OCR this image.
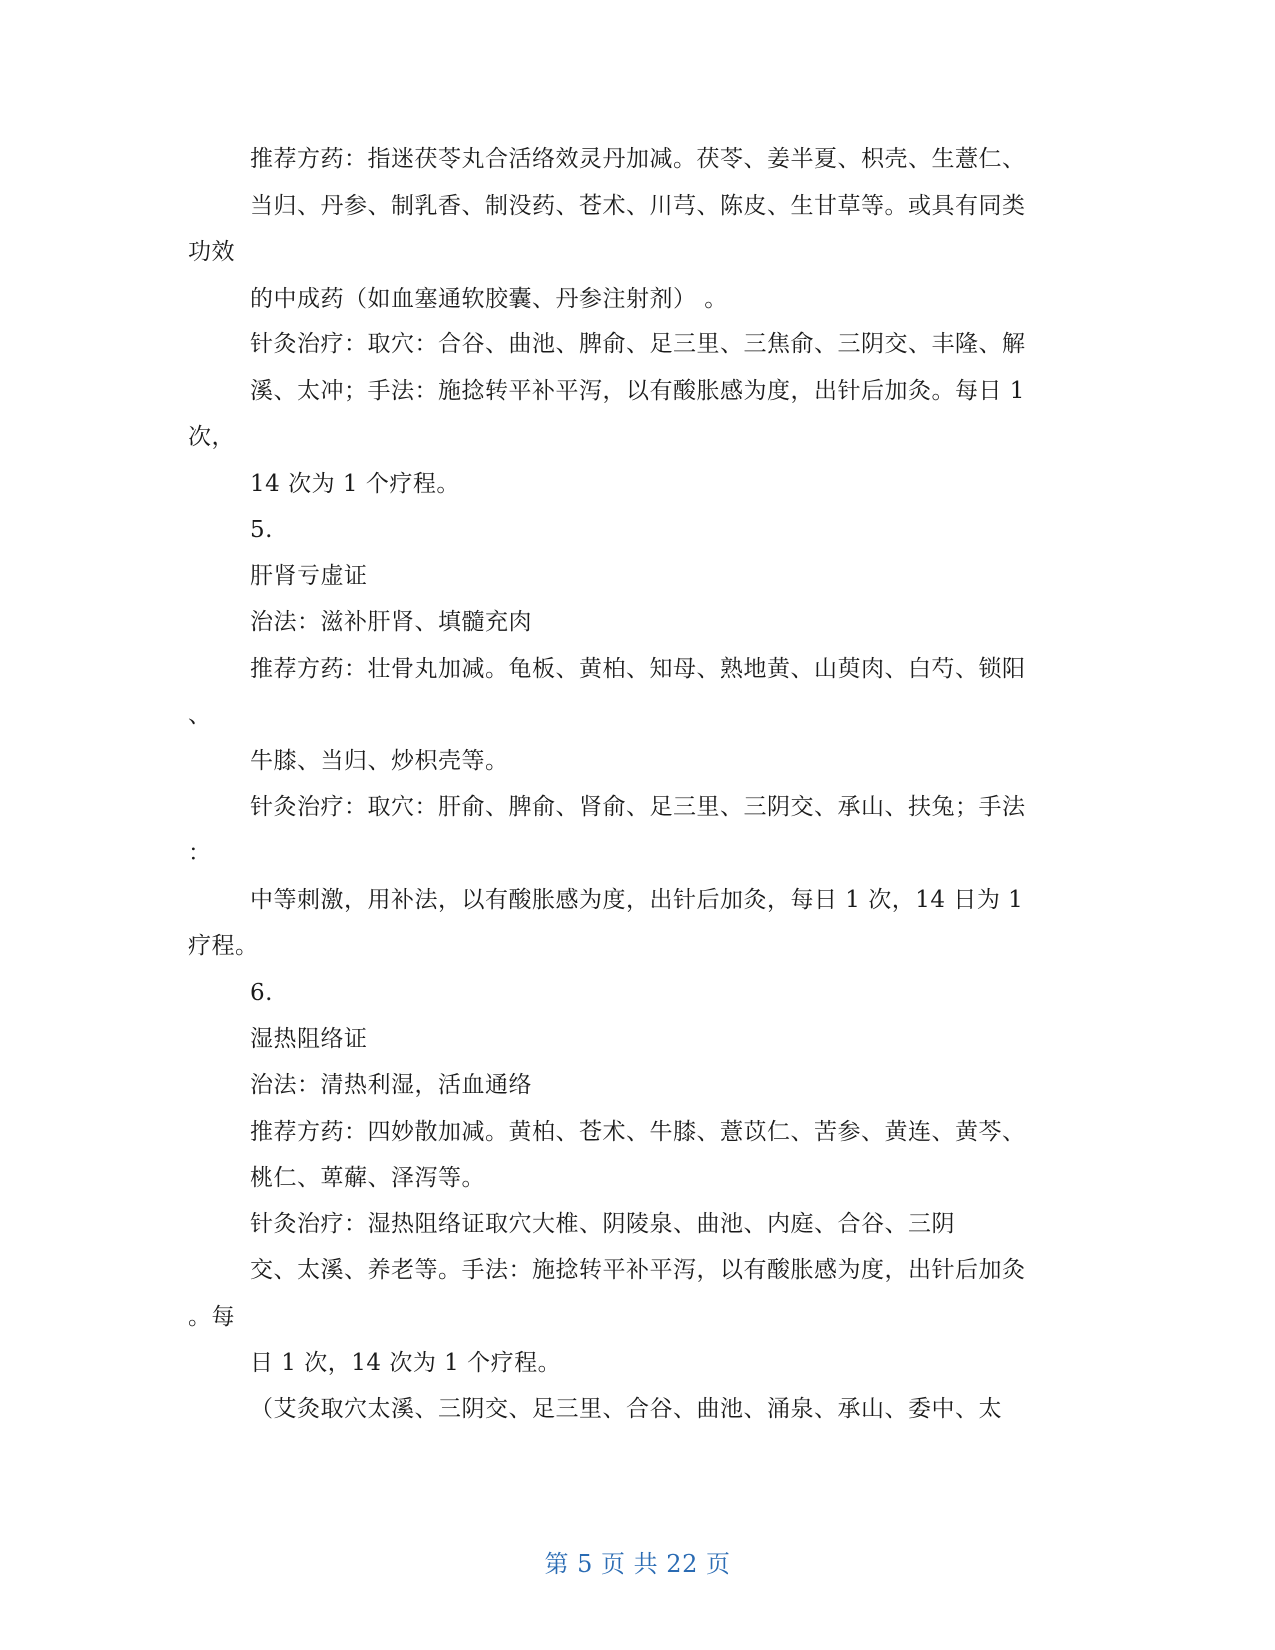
推荐方药：指迷茯苓丸合活络效灵丹加减。茯苓、姜半夏、枳壳、生薏仁、
当归、丹参、制乳香、制没药、苍术、川芎、陈皮、生甘草等。或具有同类
功效
的中成药（如血塞通软胶囊、丹参注射剂） 。
针灸治疗：取穴：合谷、曲池、脾俞、足三里、三焦俞、三阴交、丰隆、解
溪、太冲；手法：施捻转平补平泻，以有酸胀感为度，出针后加灸。每日 1
次，
14 次为 1 个疗程。
5.
肝肾亏虚证
治法：滋补肝肾、填髓充肉
推荐方药：壮骨丸加减。龟板、黄柏、知母、熟地黄、山萸肉、白芍、锁阳
、
牛膝、当归、炒枳壳等。
针灸治疗：取穴：肝俞、脾俞、肾俞、足三里、三阴交、承山、扶兔；手法
：
中等刺激，用补法，以有酸胀感为度，出针后加灸，每日 1 次，14 日为 1
疗程。
6.
湿热阻络证
治法：清热利湿，活血通络
推荐方药：四妙散加减。黄柏、苍术、牛膝、薏苡仁、苦参、黄连、黄芩、
桃仁、萆薢、泽泻等。
针灸治疗：湿热阻络证取穴大椎、阴陵泉、曲池、内庭、合谷、三阴
交、太溪、养老等。手法：施捻转平补平泻，以有酸胀感为度，出针后加灸
。每
日 1 次，14 次为 1 个疗程。
（艾灸取穴太溪、三阴交、足三里、合谷、曲池、涌泉、承山、委中、太
第 5 页 共 22 页
